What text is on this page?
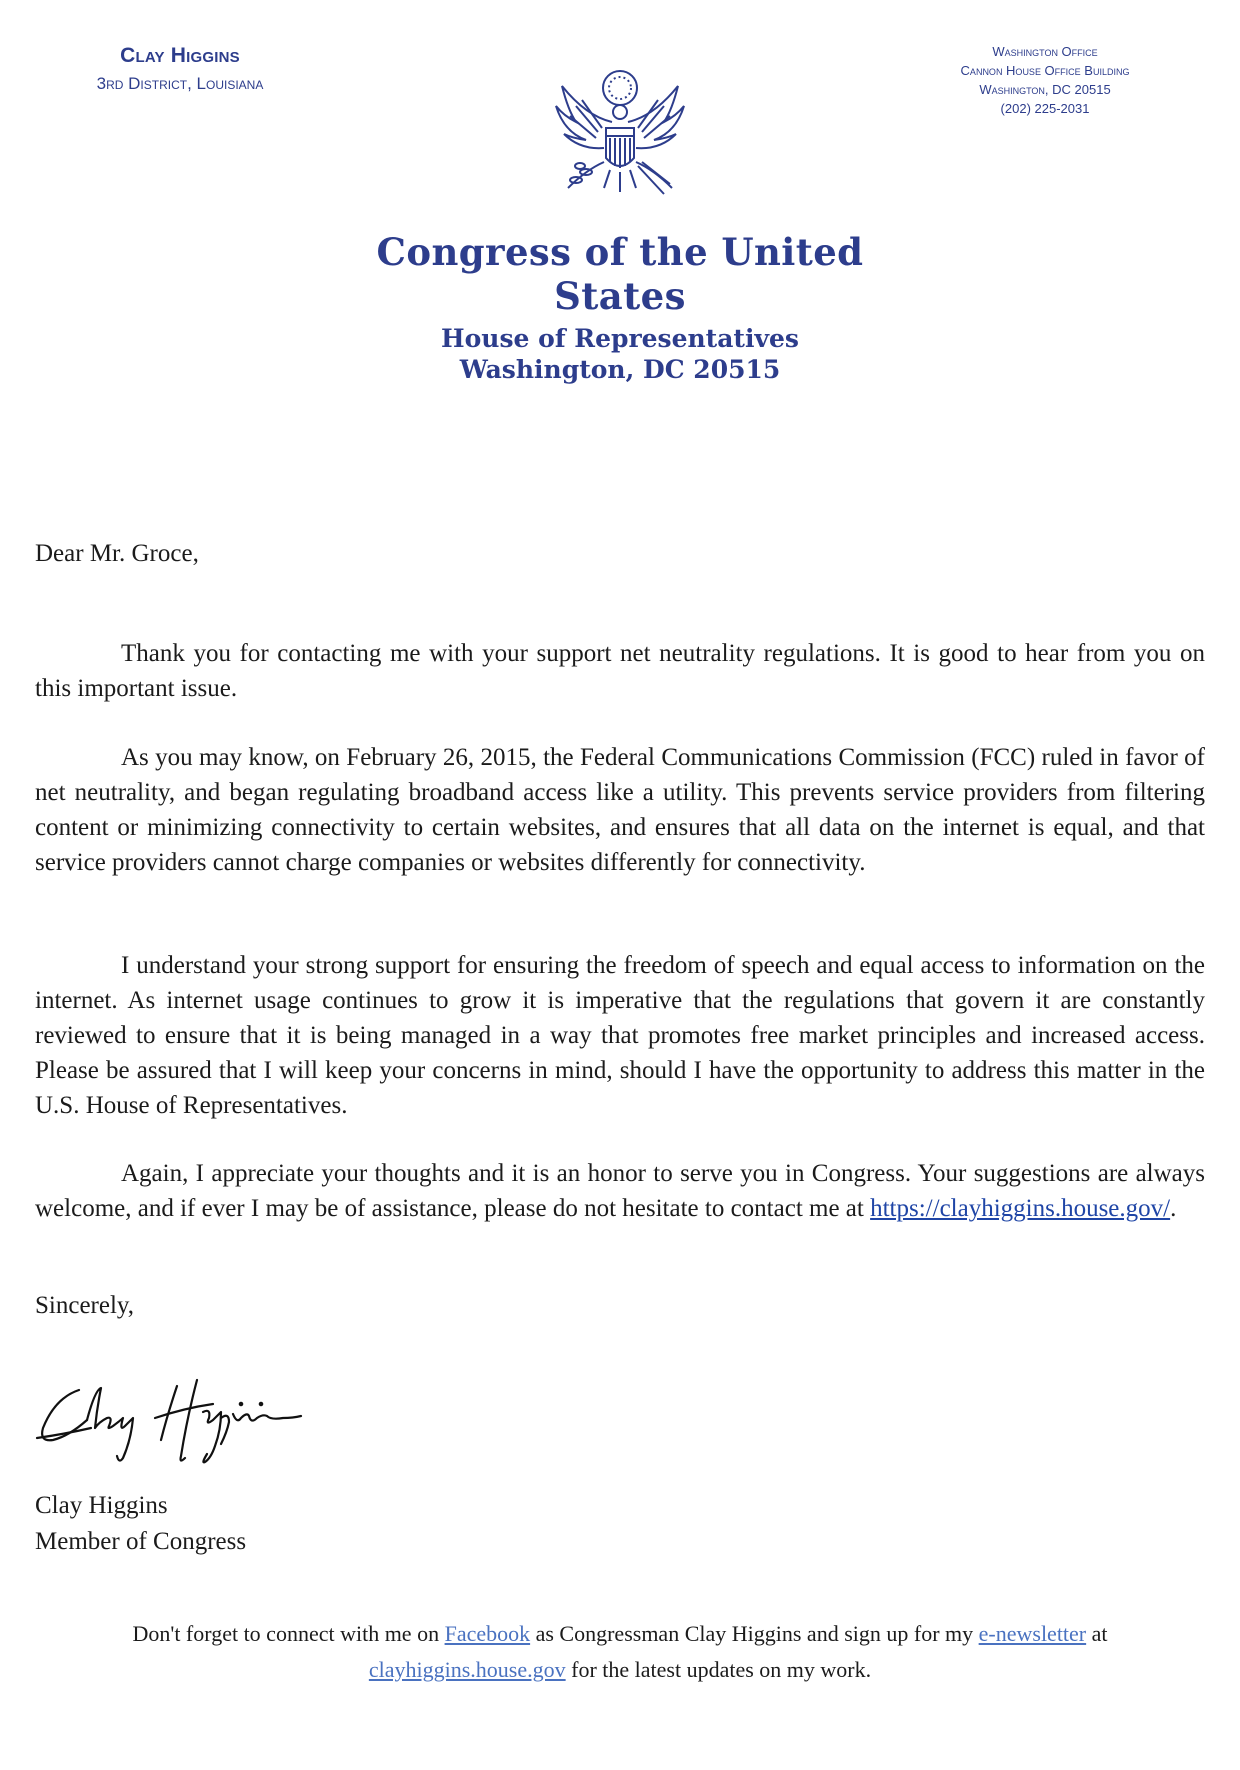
Clay Higgins
3rd District, Louisiana
Washington Office
Cannon House Office Building
Washington, DC 20515
(202) 225-2031
Congress of the United States
House of Representatives
Washington, DC 20515
Dear Mr. Groce,
Thank you for contacting me with your support net neutrality regulations. It is good to hear from you on this important issue.
As you may know, on February 26, 2015, the Federal Communications Commission (FCC) ruled in favor of net neutrality, and began regulating broadband access like a utility. This prevents service providers from filtering content or minimizing connectivity to certain websites, and ensures that all data on the internet is equal, and that service providers cannot charge companies or websites differently for connectivity.
I understand your strong support for ensuring the freedom of speech and equal access to information on the internet. As internet usage continues to grow it is imperative that the regulations that govern it are constantly reviewed to ensure that it is being managed in a way that promotes free market principles and increased access. Please be assured that I will keep your concerns in mind, should I have the opportunity to address this matter in the U.S. House of Representatives.
Again, I appreciate your thoughts and it is an honor to serve you in Congress. Your suggestions are always welcome, and if ever I may be of assistance, please do not hesitate to contact me at https://clayhiggins.house.gov/.
Sincerely,
Clay Higgins
Member of Congress
Don't forget to connect with me on Facebook as Congressman Clay Higgins and sign up for my e-newsletter at
clayhiggins.house.gov for the latest updates on my work.
